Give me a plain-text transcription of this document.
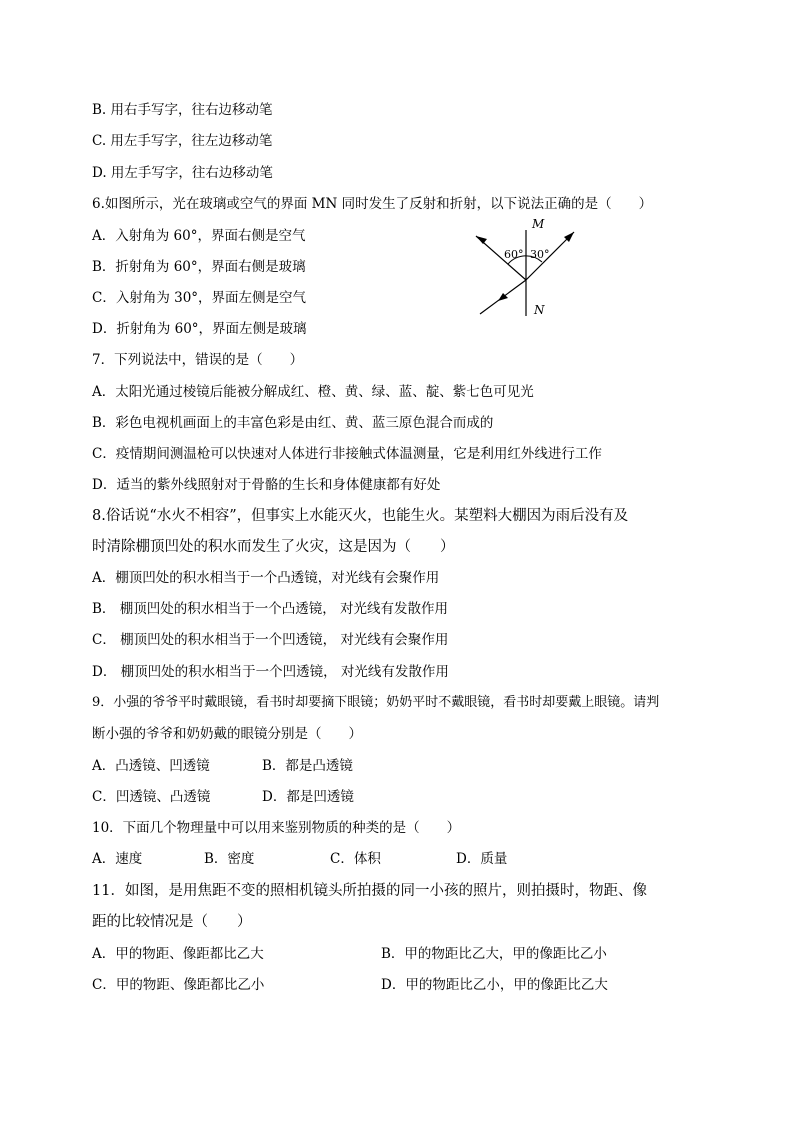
B. 用右手写字，往右边移动笔
C. 用左手写字，往左边移动笔
D. 用左手写字，往右边移动笔
6.如图所示，光在玻璃或空气的界面 MN 同时发生了反射和折射，以下说法正确的是（　　）
A．入射角为 60°，界面右侧是空气
B．折射角为 60°，界面右侧是玻璃
C．入射角为 30°，界面左侧是空气
D．折射角为 60°，界面左侧是玻璃
M
N
60° 30°
7．下列说法中，错误的是（　　）
A．太阳光通过棱镜后能被分解成红、橙、黄、绿、蓝、靛、紫七色可见光
B．彩色电视机画面上的丰富色彩是由红、黄、蓝三原色混合而成的
C．疫情期间测温枪可以快速对人体进行非接触式体温测量，它是利用红外线进行工作
D．适当的紫外线照射对于骨骼的生长和身体健康都有好处
8.俗话说“水火不相容”，但事实上水能灭火，也能生火。某塑料大棚因为雨后没有及
时清除棚顶凹处的积水而发生了火灾，这是因为（　　）
A．棚顶凹处的积水相当于一个凸透镜，对光线有会聚作用
B． 棚顶凹处的积水相当于一个凸透镜， 对光线有发散作用
C． 棚顶凹处的积水相当于一个凹透镜， 对光线有会聚作用
D． 棚顶凹处的积水相当于一个凹透镜， 对光线有发散作用
9．小强的爷爷平时戴眼镜，看书时却要摘下眼镜；奶奶平时不戴眼镜，看书时却要戴上眼镜。请判
断小强的爷爷和奶奶戴的眼镜分别是（　　）
A．凸透镜、凹透镜	B．都是凸透镜
C．凹透镜、凸透镜	D．都是凹透镜
10．下面几个物理量中可以用来鉴别物质的种类的是（　　）
A．速度	B．密度	C．体积	D．质量
11．如图，是用焦距不变的照相机镜头所拍摄的同一小孩的照片，则拍摄时，物距、像
距的比较情况是（　　）
A．甲的物距、像距都比乙大	B．甲的物距比乙大，甲的像距比乙小
C．甲的物距、像距都比乙小	D．甲的物距比乙小，甲的像距比乙大
